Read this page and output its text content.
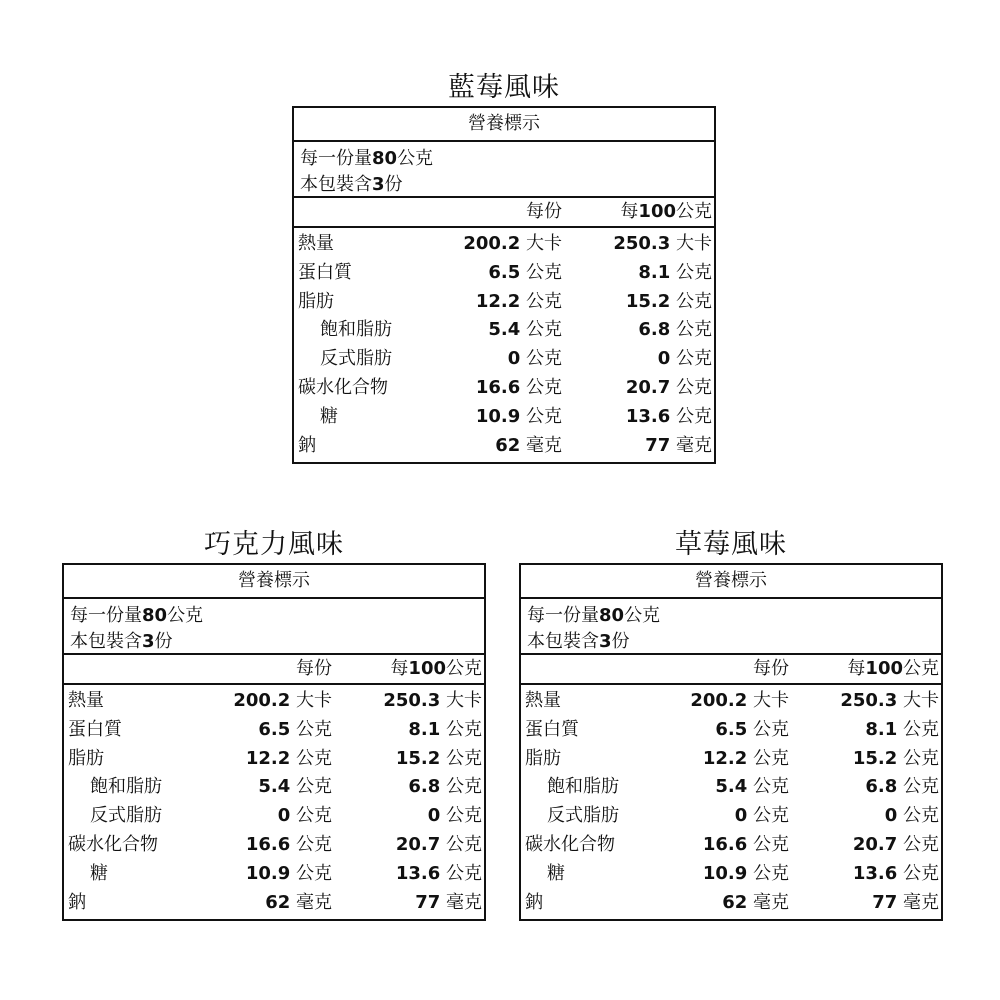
藍莓風味
營養標示
每一份量80公克
本包裝含3份
每份	每100公克
熱量	200.2 大卡	250.3 大卡
蛋白質	6.5 公克	8.1 公克
脂肪	12.2 公克	15.2 公克
飽和脂肪	5.4 公克	6.8 公克
反式脂肪	0 公克	0 公克
碳水化合物	16.6 公克	20.7 公克
糖	10.9 公克	13.6 公克
鈉	62 毫克	77 毫克
巧克力風味
營養標示
每一份量80公克
本包裝含3份
每份	每100公克
熱量	200.2 大卡	250.3 大卡
蛋白質	6.5 公克	8.1 公克
脂肪	12.2 公克	15.2 公克
飽和脂肪	5.4 公克	6.8 公克
反式脂肪	0 公克	0 公克
碳水化合物	16.6 公克	20.7 公克
糖	10.9 公克	13.6 公克
鈉	62 毫克	77 毫克
草莓風味
營養標示
每一份量80公克
本包裝含3份
每份	每100公克
熱量	200.2 大卡	250.3 大卡
蛋白質	6.5 公克	8.1 公克
脂肪	12.2 公克	15.2 公克
飽和脂肪	5.4 公克	6.8 公克
反式脂肪	0 公克	0 公克
碳水化合物	16.6 公克	20.7 公克
糖	10.9 公克	13.6 公克
鈉	62 毫克	77 毫克
